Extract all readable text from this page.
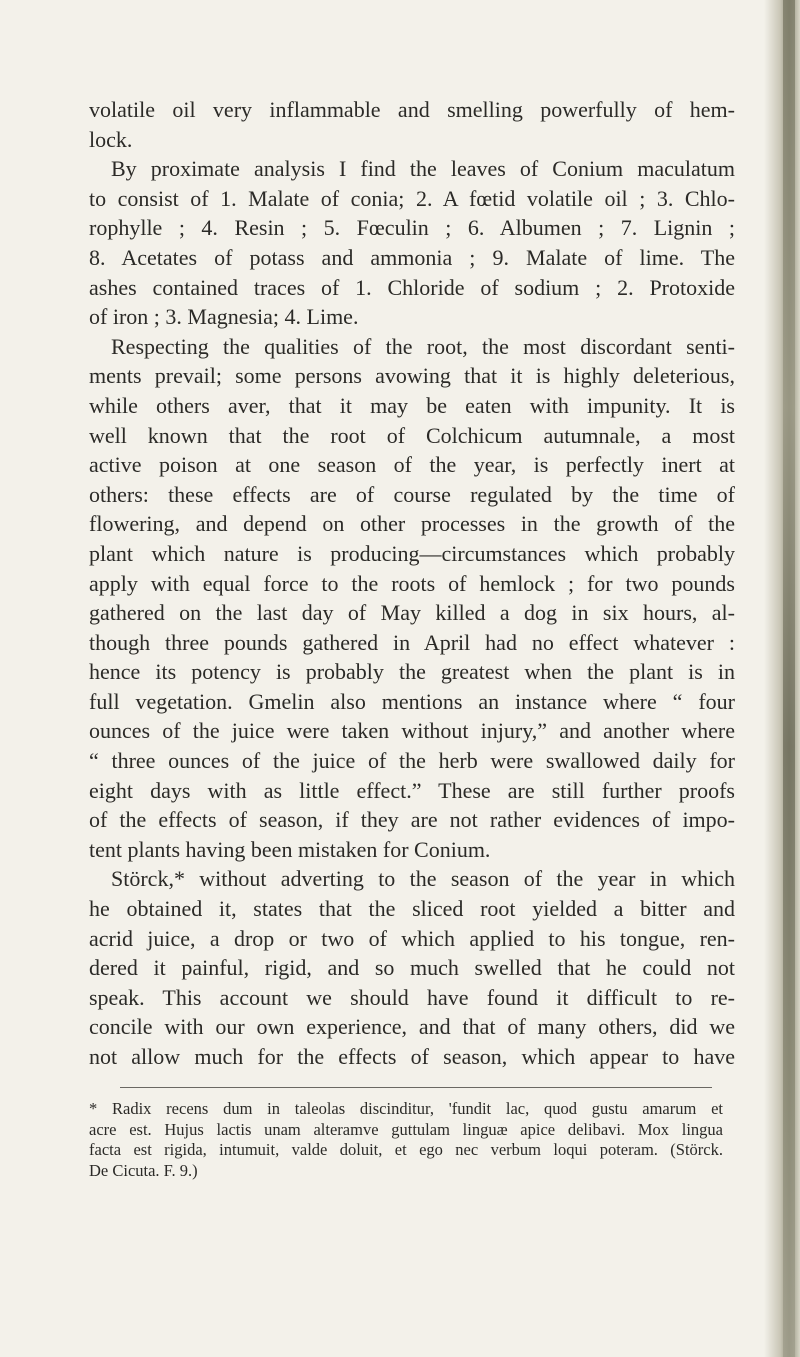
volatile oil very inflammable and smelling powerfully of hem-
lock.
By proximate analysis I find the leaves of Conium maculatum
to consist of 1. Malate of conia; 2. A fœtid volatile oil ; 3. Chlo-
rophylle ; 4. Resin ; 5. Fœculin ; 6. Albumen ; 7. Lignin ;
8. Acetates of potass and ammonia ; 9. Malate of lime. The
ashes contained traces of 1. Chloride of sodium ; 2. Protoxide
of iron ; 3. Magnesia; 4. Lime.
Respecting the qualities of the root, the most discordant senti-
ments prevail; some persons avowing that it is highly deleterious,
while others aver, that it may be eaten with impunity. It is
well known that the root of Colchicum autumnale, a most
active poison at one season of the year, is perfectly inert at
others: these effects are of course regulated by the time of
flowering, and depend on other processes in the growth of the
plant which nature is producing—circumstances which probably
apply with equal force to the roots of hemlock ; for two pounds
gathered on the last day of May killed a dog in six hours, al-
though three pounds gathered in April had no effect whatever :
hence its potency is probably the greatest when the plant is in
full vegetation. Gmelin also mentions an instance where “ four
ounces of the juice were taken without injury,” and another where
“ three ounces of the juice of the herb were swallowed daily for
eight days with as little effect.” These are still further proofs
of the effects of season, if they are not rather evidences of impo-
tent plants having been mistaken for Conium.
Störck,* without adverting to the season of the year in which
he obtained it, states that the sliced root yielded a bitter and
acrid juice, a drop or two of which applied to his tongue, ren-
dered it painful, rigid, and so much swelled that he could not
speak. This account we should have found it difficult to re-
concile with our own experience, and that of many others, did we
not allow much for the effects of season, which appear to have
* Radix recens dum in taleolas discinditur, 'fundit lac, quod gustu amarum et
acre est. Hujus lactis unam alteramve guttulam linguæ apice delibavi. Mox lingua
facta est rigida, intumuit, valde doluit, et ego nec verbum loqui poteram. (Störck.
De Cicuta. F. 9.)
